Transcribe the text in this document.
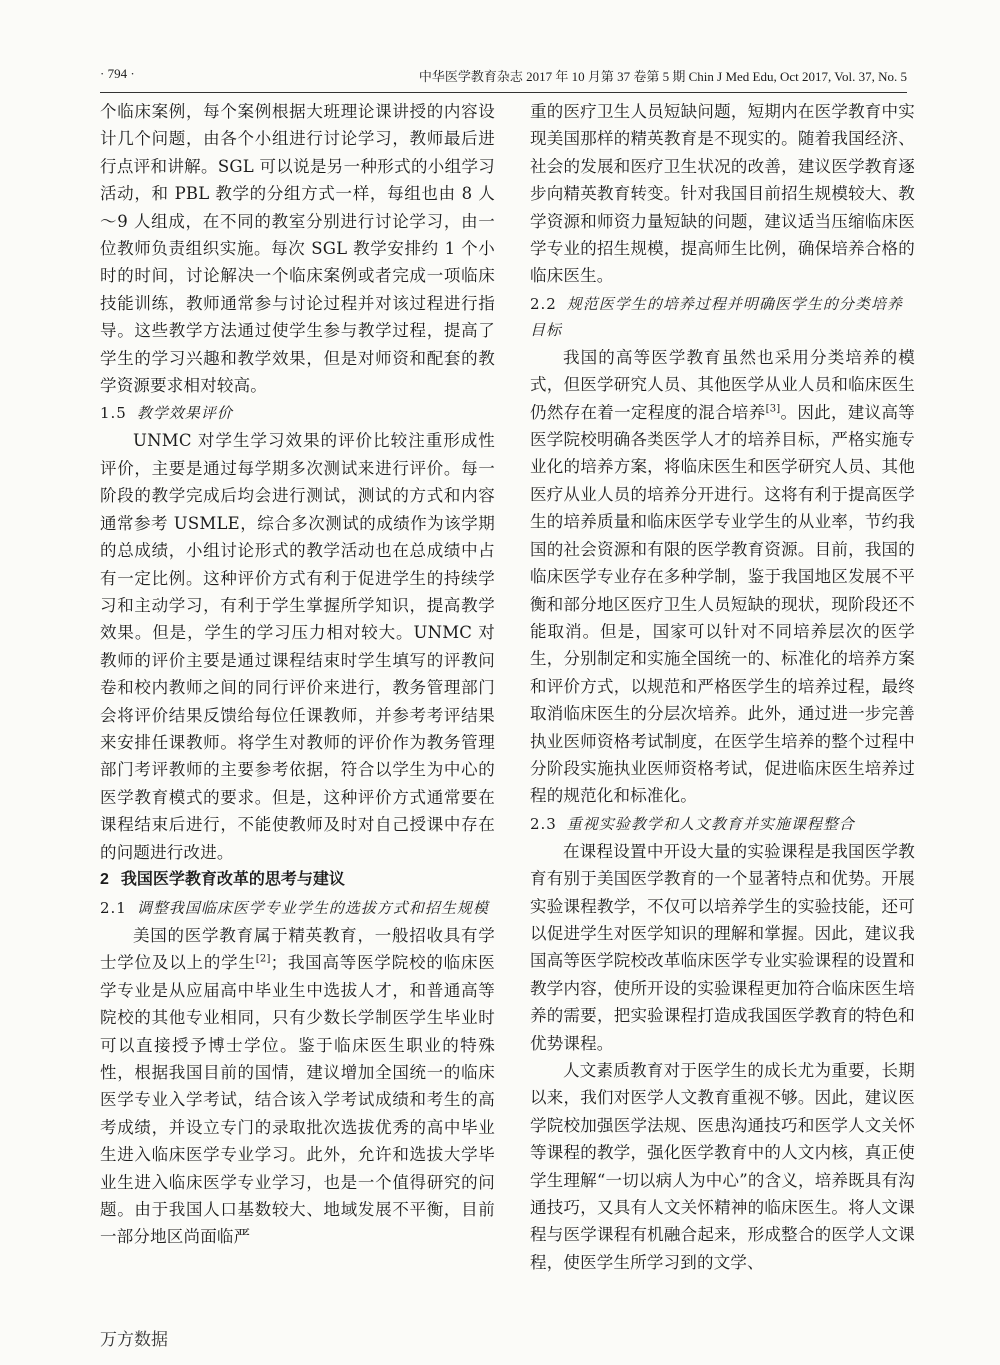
· 794 ·	中华医学教育杂志 2017 年 10 月第 37 卷第 5 期 Chin J Med Edu, Oct 2017, Vol. 37, No. 5

个临床案例，每个案例根据大班理论课讲授的内容设计几个问题，由各个小组进行讨论学习，教师最后进行点评和讲解。SGL 可以说是另一种形式的小组学习活动，和 PBL 教学的分组方式一样，每组也由 8 人～9 人组成，在不同的教室分别进行讨论学习，由一位教师负责组织实施。每次 SGL 教学安排约 1 个小时的时间，讨论解决一个临床案例或者完成一项临床技能训练，教师通常参与讨论过程并对该过程进行指导。这些教学方法通过使学生参与教学过程，提高了学生的学习兴趣和教学效果，但是对师资和配套的教学资源要求相对较高。

1.5 教学效果评价

UNMC 对学生学习效果的评价比较注重形成性评价，主要是通过每学期多次测试来进行评价。每一阶段的教学完成后均会进行测试，测试的方式和内容通常参考 USMLE，综合多次测试的成绩作为该学期的总成绩，小组讨论形式的教学活动也在总成绩中占有一定比例。这种评价方式有利于促进学生的持续学习和主动学习，有利于学生掌握所学知识，提高教学效果。但是，学生的学习压力相对较大。UNMC 对教师的评价主要是通过课程结束时学生填写的评教问卷和校内教师之间的同行评价来进行，教务管理部门会将评价结果反馈给每位任课教师，并参考考评结果来安排任课教师。将学生对教师的评价作为教务管理部门考评教师的主要参考依据，符合以学生为中心的医学教育模式的要求。但是，这种评价方式通常要在课程结束后进行，不能使教师及时对自己授课中存在的问题进行改进。

2 我国医学教育改革的思考与建议
2.1 调整我国临床医学专业学生的选拔方式和招生规模

美国的医学教育属于精英教育，一般招收具有学士学位及以上的学生[2]；我国高等医学院校的临床医学专业是从应届高中毕业生中选拔人才，和普通高等院校的其他专业相同，只有少数长学制医学生毕业时可以直接授予博士学位。鉴于临床医生职业的特殊性，根据我国目前的国情，建议增加全国统一的临床医学专业入学考试，结合该入学考试成绩和考生的高考成绩，并设立专门的录取批次选拔优秀的高中毕业生进入临床医学专业学习。此外，允许和选拔大学毕业生进入临床医学专业学习，也是一个值得研究的问题。由于我国人口基数较大、地域发展不平衡，目前一部分地区尚面临严

重的医疗卫生人员短缺问题，短期内在医学教育中实现美国那样的精英教育是不现实的。随着我国经济、社会的发展和医疗卫生状况的改善，建议医学教育逐步向精英教育转变。针对我国目前招生规模较大、教学资源和师资力量短缺的问题，建议适当压缩临床医学专业的招生规模，提高师生比例，确保培养合格的临床医生。

2.2 规范医学生的培养过程并明确医学生的分类培养目标

我国的高等医学教育虽然也采用分类培养的模式，但医学研究人员、其他医学从业人员和临床医生仍然存在着一定程度的混合培养[3]。因此，建议高等医学院校明确各类医学人才的培养目标，严格实施专业化的培养方案，将临床医生和医学研究人员、其他医疗从业人员的培养分开进行。这将有利于提高医学生的培养质量和临床医学专业学生的从业率，节约我国的社会资源和有限的医学教育资源。目前，我国的临床医学专业存在多种学制，鉴于我国地区发展不平衡和部分地区医疗卫生人员短缺的现状，现阶段还不能取消。但是，国家可以针对不同培养层次的医学生，分别制定和实施全国统一的、标准化的培养方案和评价方式，以规范和严格医学生的培养过程，最终取消临床医生的分层次培养。此外，通过进一步完善执业医师资格考试制度，在医学生培养的整个过程中分阶段实施执业医师资格考试，促进临床医生培养过程的规范化和标准化。

2.3 重视实验教学和人文教育并实施课程整合

在课程设置中开设大量的实验课程是我国医学教育有别于美国医学教育的一个显著特点和优势。开展实验课程教学，不仅可以培养学生的实验技能，还可以促进学生对医学知识的理解和掌握。因此，建议我国高等医学院校改革临床医学专业实验课程的设置和教学内容，使所开设的实验课程更加符合临床医生培养的需要，把实验课程打造成我国医学教育的特色和优势课程。

人文素质教育对于医学生的成长尤为重要，长期以来，我们对医学人文教育重视不够。因此，建议医学院校加强医学法规、医患沟通技巧和医学人文关怀等课程的教学，强化医学教育中的人文内核，真正使学生理解“一切以病人为中心”的含义，培养既具有沟通技巧，又具有人文关怀精神的临床医生。将人文课程与医学课程有机融合起来，形成整合的医学人文课程，使医学生所学习到的文学、

万方数据
